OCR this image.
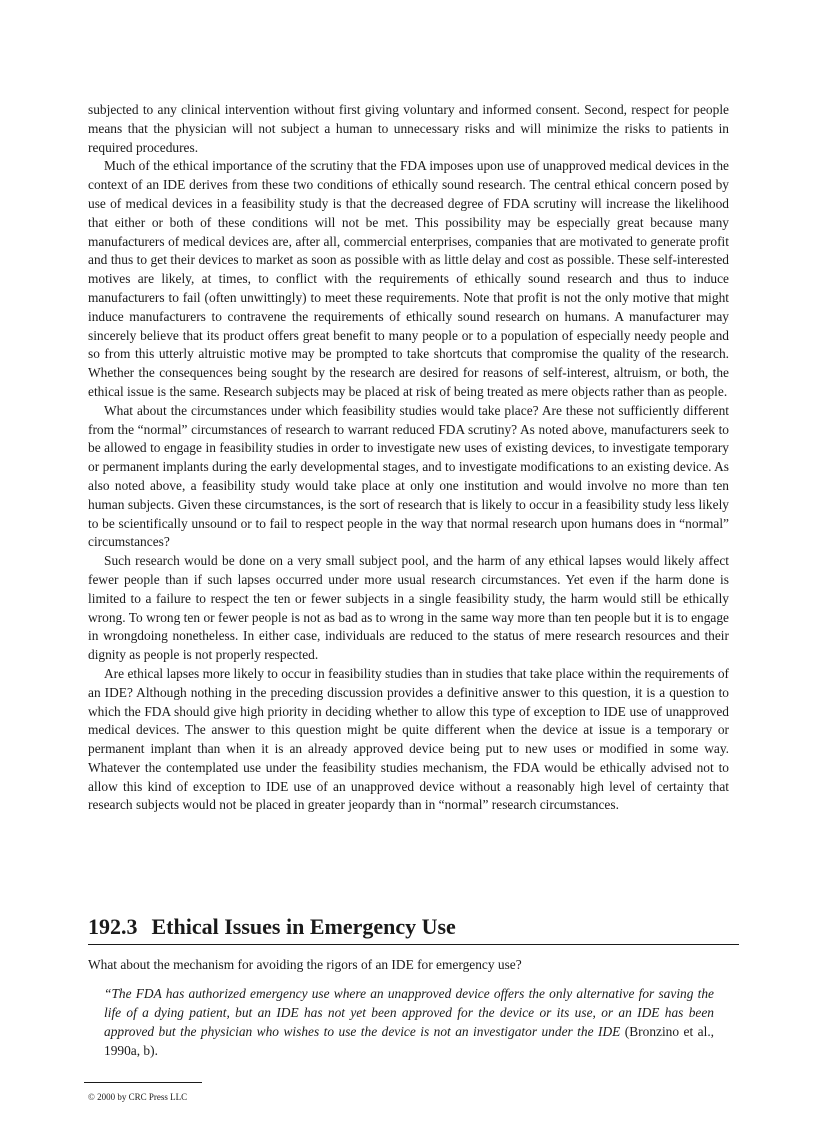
subjected to any clinical intervention without first giving voluntary and informed consent. Second, respect for people means that the physician will not subject a human to unnecessary risks and will minimize the risks to patients in required procedures.

Much of the ethical importance of the scrutiny that the FDA imposes upon use of unapproved medical devices in the context of an IDE derives from these two conditions of ethically sound research. The central ethical concern posed by use of medical devices in a feasibility study is that the decreased degree of FDA scrutiny will increase the likelihood that either or both of these conditions will not be met. This possibility may be especially great because many manufacturers of medical devices are, after all, commercial enterprises, companies that are motivated to generate profit and thus to get their devices to market as soon as possible with as little delay and cost as possible. These self-interested motives are likely, at times, to conflict with the requirements of ethically sound research and thus to induce manufacturers to fail (often unwittingly) to meet these requirements. Note that profit is not the only motive that might induce manufacturers to contravene the requirements of ethically sound research on humans. A manufacturer may sincerely believe that its product offers great benefit to many people or to a population of especially needy people and so from this utterly altruistic motive may be prompted to take shortcuts that compromise the quality of the research. Whether the consequences being sought by the research are desired for reasons of self-interest, altruism, or both, the ethical issue is the same. Research subjects may be placed at risk of being treated as mere objects rather than as people.

What about the circumstances under which feasibility studies would take place? Are these not sufficiently different from the “normal” circumstances of research to warrant reduced FDA scrutiny? As noted above, manufacturers seek to be allowed to engage in feasibility studies in order to investigate new uses of existing devices, to investigate temporary or permanent implants during the early developmental stages, and to investigate modifications to an existing device. As also noted above, a feasibility study would take place at only one institution and would involve no more than ten human subjects. Given these circumstances, is the sort of research that is likely to occur in a feasibility study less likely to be scientifically unsound or to fail to respect people in the way that normal research upon humans does in “normal” circumstances?

Such research would be done on a very small subject pool, and the harm of any ethical lapses would likely affect fewer people than if such lapses occurred under more usual research circumstances. Yet even if the harm done is limited to a failure to respect the ten or fewer subjects in a single feasibility study, the harm would still be ethically wrong. To wrong ten or fewer people is not as bad as to wrong in the same way more than ten people but it is to engage in wrongdoing nonetheless. In either case, individuals are reduced to the status of mere research resources and their dignity as people is not properly respected.

Are ethical lapses more likely to occur in feasibility studies than in studies that take place within the requirements of an IDE? Although nothing in the preceding discussion provides a definitive answer to this question, it is a question to which the FDA should give high priority in deciding whether to allow this type of exception to IDE use of unapproved medical devices. The answer to this question might be quite different when the device at issue is a temporary or permanent implant than when it is an already approved device being put to new uses or modified in some way. Whatever the contemplated use under the feasibility studies mechanism, the FDA would be ethically advised not to allow this kind of exception to IDE use of an unapproved device without a reasonably high level of certainty that research subjects would not be placed in greater jeopardy than in “normal” research circumstances.

192.3 Ethical Issues in Emergency Use
What about the mechanism for avoiding the rigors of an IDE for emergency use?
“The FDA has authorized emergency use where an unapproved device offers the only alternative for saving the life of a dying patient, but an IDE has not yet been approved for the device or its use, or an IDE has been approved but the physician who wishes to use the device is not an investigator under the IDE (Bronzino et al., 1990a, b).
© 2000 by CRC Press LLC
